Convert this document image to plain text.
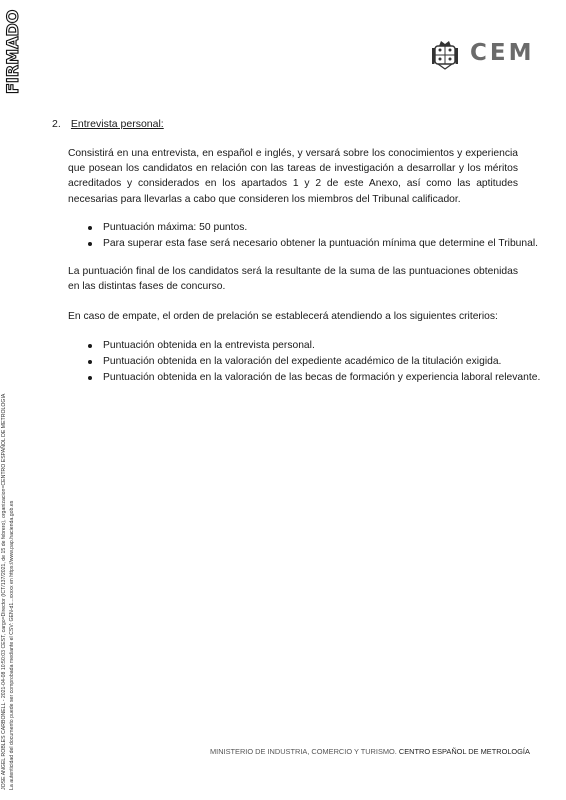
FIRMADO
JOSE ANGEL ROBLES CARBONELL - 2021-04-08 10:50:03 CEST, cargo=Director (ICT/137/2021, de 15 de febrero), organizacion=CENTRO ESPAÑOL DE METROLOGIA La autenticidad del documento puede ser comprobada mediante el CSV: GEN-d1...xxxxx en https://www.pap.hacienda.gob.es
CEM
2. Entrevista personal:
Consistirá en una entrevista, en español e inglés, y versará sobre los conocimientos y experiencia que posean los candidatos en relación con las tareas de investigación a desarrollar y los méritos acreditados y considerados en los apartados 1 y 2 de este Anexo, así como las aptitudes necesarias para llevarlas a cabo que consideren los miembros del Tribunal calificador.
Puntuación máxima: 50 puntos.
Para superar esta fase será necesario obtener la puntuación mínima que determine el Tribunal.
La puntuación final de los candidatos será la resultante de la suma de las puntuaciones obtenidas en las distintas fases de concurso.
En caso de empate, el orden de prelación se establecerá atendiendo a los siguientes criterios:
Puntuación obtenida en la entrevista personal.
Puntuación obtenida en la valoración del expediente académico de la titulación exigida.
Puntuación obtenida en la valoración de las becas de formación y experiencia laboral relevante.
MINISTERIO DE INDUSTRIA, COMERCIO Y TURISMO. CENTRO ESPAÑOL DE METROLOGÍA
